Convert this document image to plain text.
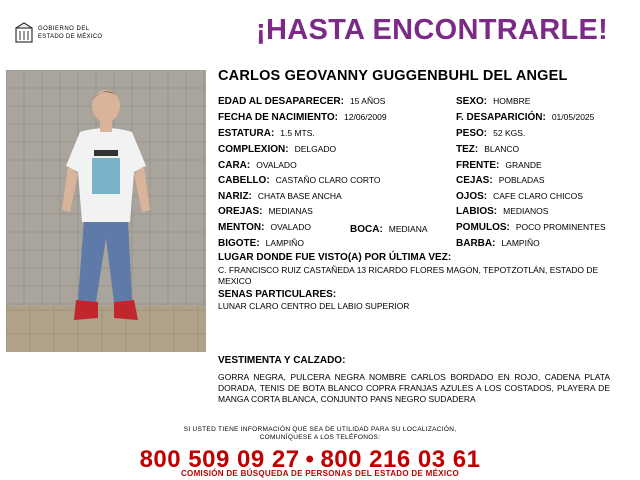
GOBIERNO DEL
ESTADO DE MÉXICO	¡HASTA ENCONTRARLE!
CARLOS GEOVANNY GUGGENBUHL DEL ANGEL
EDAD AL DESAPARECER: 15 AÑOS
FECHA DE NACIMIENTO: 12/06/2009
ESTATURA: 1.5 MTS.
COMPLEXION: DELGADO
CARA: OVALADO
CABELLO: CASTAÑO CLARO CORTO
NARIZ: CHATA BASE ANCHA
OREJAS: MEDIANAS
MENTON: OVALADO
BIGOTE: LAMPIÑO
BOCA: MEDIANA
SEXO: HOMBRE
F. DESAPARICIÓN: 01/05/2025
PESO: 52 KGS.
TEZ: BLANCO
FRENTE: GRANDE
CEJAS: POBLADAS
OJOS: CAFE CLARO CHICOS
LABIOS: MEDIANOS
POMULOS: POCO PROMINENTES
BARBA: LAMPIÑO
LUGAR DONDE FUE VISTO(A) POR ÚLTIMA VEZ:
C. FRANCISCO RUIZ CASTAÑEDA 13 RICARDO FLORES MAGON, TEPOTZOTLÁN, ESTADO DE MEXICO
SENAS PARTICULARES:
LUNAR CLARO CENTRO DEL LABIO SUPERIOR
VESTIMENTA Y CALZADO:
GORRA NEGRA, PULCERA NEGRA NOMBRE CARLOS BORDADO EN ROJO, CADENA PLATA DORADA, TENIS DE BOTA BLANCO COPRA FRANJAS AZULES A LOS COSTADOS, PLAYERA DE MANGA CORTA BLANCA, CONJUNTO PANS NEGRO SUDADERA
SI USTED TIENE INFORMACIÓN QUE SEA DE UTILIDAD PARA SU LOCALIZACIÓN,
COMUNÍQUESE A LOS TELÉFONOS:
800 509 09 27 • 800 216 03 61
COMISIÓN DE BÚSQUEDA DE PERSONAS DEL ESTADO DE MÉXICO
